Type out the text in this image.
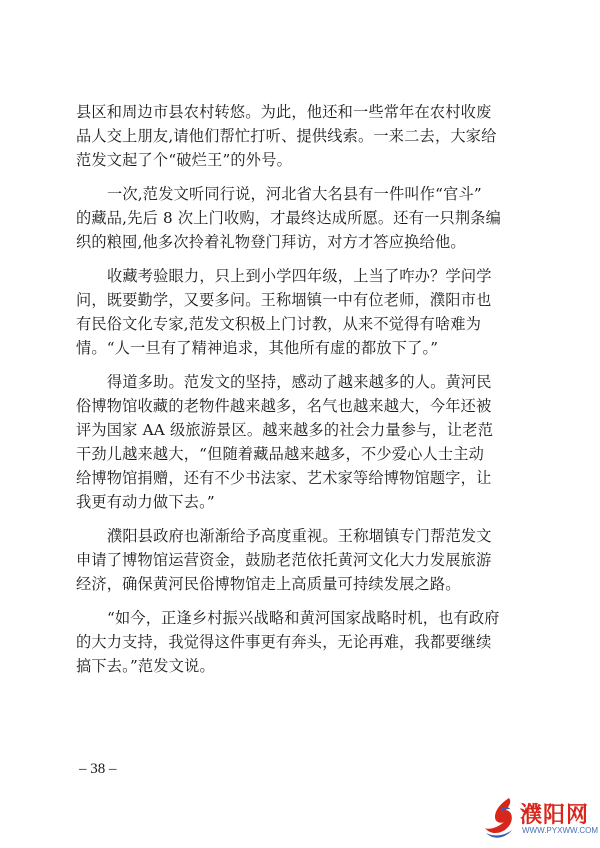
县区和周边市县农村转悠。为此，他还和一些常年在农村收废
品人交上朋友,请他们帮忙打听、提供线索。一来二去，大家给
范发文起了个“破烂王”的外号。
一次,范发文听同行说，河北省大名县有一件叫作“官斗”
的藏品,先后 8 次上门收购，才最终达成所愿。还有一只荆条编
织的粮囤,他多次拎着礼物登门拜访，对方才答应换给他。
收藏考验眼力，只上到小学四年级，上当了咋办？学问学
问，既要勤学，又要多问。王称堌镇一中有位老师，濮阳市也
有民俗文化专家,范发文积极上门讨教，从来不觉得有啥难为
情。“人一旦有了精神追求，其他所有虚的都放下了。”
得道多助。范发文的坚持，感动了越来越多的人。黄河民
俗博物馆收藏的老物件越来越多，名气也越来越大，今年还被
评为国家 AA 级旅游景区。越来越多的社会力量参与，让老范
干劲儿越来越大，“但随着藏品越来越多，不少爱心人士主动
给博物馆捐赠，还有不少书法家、艺术家等给博物馆题字，让
我更有动力做下去。”
濮阳县政府也渐渐给予高度重视。王称堌镇专门帮范发文
申请了博物馆运营资金，鼓励老范依托黄河文化大力发展旅游
经济，确保黄河民俗博物馆走上高质量可持续发展之路。
“如今，正逢乡村振兴战略和黄河国家战略时机，也有政府
的大力支持，我觉得这件事更有奔头，无论再难，我都要继续
搞下去。”范发文说。
– 38 –
濮阳网
WWW.PYXWW.COM
